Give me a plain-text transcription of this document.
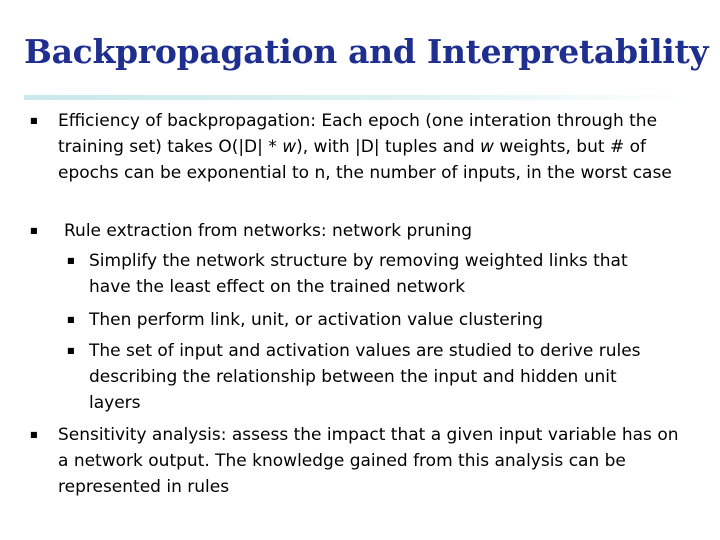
Backpropagation and Interpretability
■ Efficiency of backpropagation: Each epoch (one interation through the training set) takes O(|D| * w), with |D| tuples and w weights, but # of epochs can be exponential to n, the number of inputs, in the worst case
■ Rule extraction from networks: network pruning
■ Simplify the network structure by removing weighted links that have the least effect on the trained network
■ Then perform link, unit, or activation value clustering
■ The set of input and activation values are studied to derive rules describing the relationship between the input and hidden unit layers
■ Sensitivity analysis: assess the impact that a given input variable has on a network output. The knowledge gained from this analysis can be represented in rules
